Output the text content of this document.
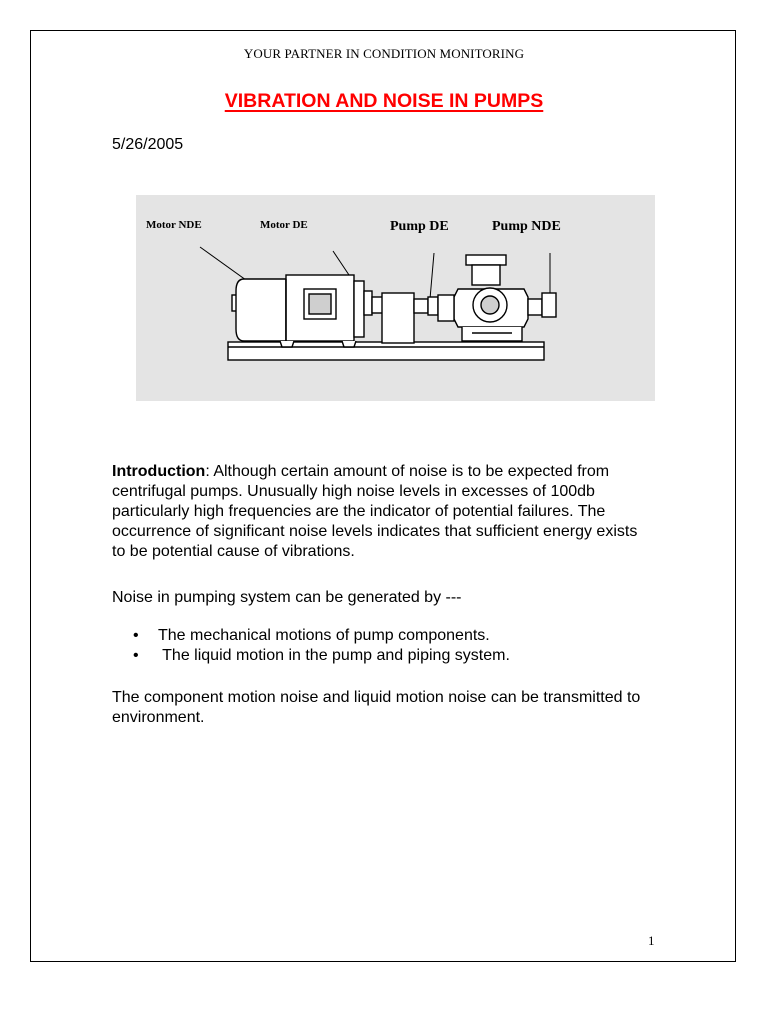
YOUR PARTNER IN CONDITION MONITORING
VIBRATION AND NOISE IN PUMPS
5/26/2005
Motor NDE	Motor DE	Pump DE	Pump NDE
Introduction: Although certain amount of noise is to be expected from centrifugal pumps. Unusually high noise levels in excesses of 100db particularly high frequencies are the indicator of potential failures. The occurrence of significant noise levels indicates that sufficient energy exists to be potential cause of vibrations.
Noise in pumping system can be generated by ---
• The mechanical motions of pump components.
• The liquid motion in the pump and piping system.
The component motion noise and liquid motion noise can be transmitted to environment.
1
